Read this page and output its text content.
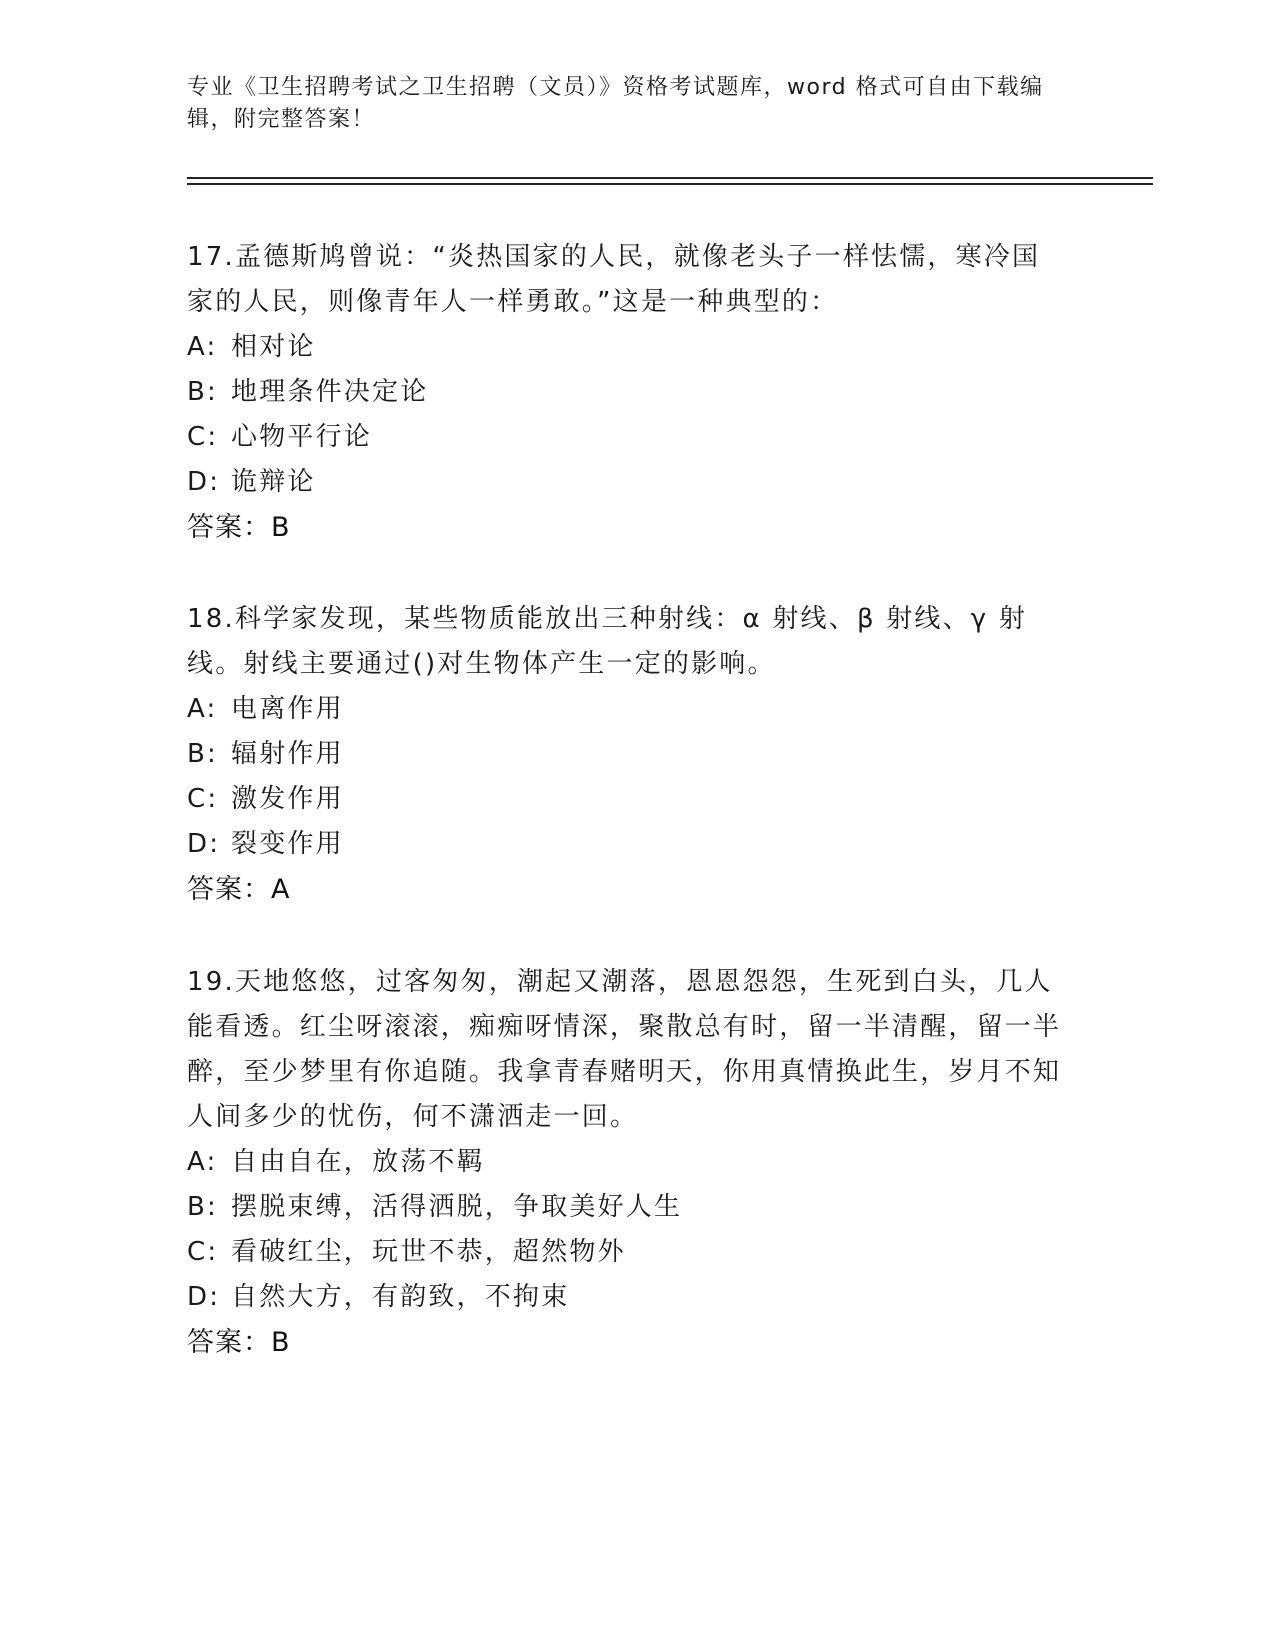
专业《卫生招聘考试之卫生招聘（文员）》资格考试题库，word 格式可自由下载编辑，附完整答案！

17.孟德斯鸠曾说：“炎热国家的人民，就像老头子一样怯懦，寒冷国家的人民，则像青年人一样勇敢。”这是一种典型的：

A: 相对论

B: 地理条件决定论

C: 心物平行论

D: 诡辩论

答案：B

18.科学家发现，某些物质能放出三种射线：α 射线、β 射线、γ 射线。射线主要通过()对生物体产生一定的影响。

A: 电离作用

B: 辐射作用

C: 激发作用

D: 裂变作用

答案：A

19.天地悠悠，过客匆匆，潮起又潮落，恩恩怨怨，生死到白头，几人能看透。红尘呀滚滚，痴痴呀情深，聚散总有时，留一半清醒，留一半醉，至少梦里有你追随。我拿青春赌明天，你用真情换此生，岁月不知人间多少的忧伤，何不潇洒走一回。

A: 自由自在，放荡不羁

B: 摆脱束缚，活得洒脱，争取美好人生

C: 看破红尘，玩世不恭，超然物外

D: 自然大方，有韵致，不拘束

答案：B
